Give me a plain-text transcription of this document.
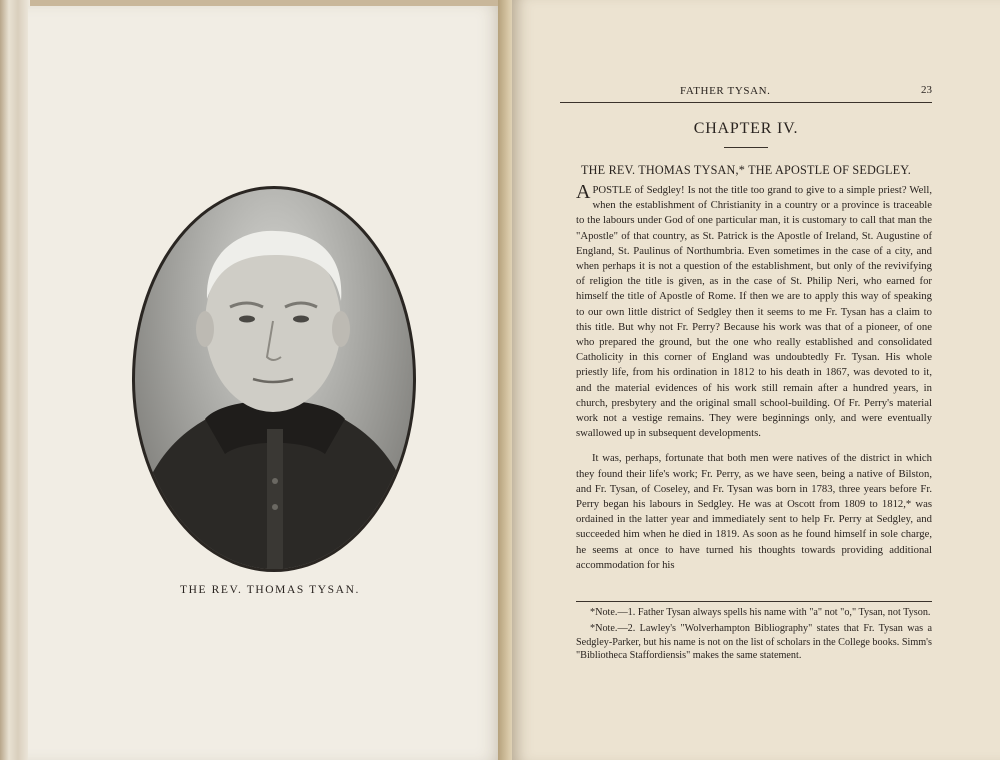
THE REV. THOMAS TYSAN.
FATHER TYSAN.	23
CHAPTER IV.
THE REV. THOMAS TYSAN,* THE APOSTLE OF SEDGLEY.

APOSTLE of Sedgley! Is not the title too grand to give to a simple priest? Well, when the establishment of Christianity in a country or a province is traceable to the labours under God of one particular man, it is customary to call that man the "Apostle" of that country, as St. Patrick is the Apostle of Ireland, St. Augustine of England, St. Paulinus of Northumbria. Even sometimes in the case of a city, and when perhaps it is not a question of the establishment, but only of the revivifying of religion the title is given, as in the case of St. Philip Neri, who earned for himself the title of Apostle of Rome. If then we are to apply this way of speaking to our own little district of Sedgley then it seems to me Fr. Tysan has a claim to this title. But why not Fr. Perry? Because his work was that of a pioneer, of one who prepared the ground, but the one who really established and consolidated Catholicity in this corner of England was undoubtedly Fr. Tysan. His whole priestly life, from his ordination in 1812 to his death in 1867, was devoted to it, and the material evidences of his work still remain after a hundred years, in church, presbytery and the original small school-building. Of Fr. Perry's material work not a vestige remains. They were beginnings only, and were eventually swallowed up in subsequent developments.

It was, perhaps, fortunate that both men were natives of the district in which they found their life's work; Fr. Perry, as we have seen, being a native of Bilston, and Fr. Tysan, of Coseley, and Fr. Tysan was born in 1783, three years before Fr. Perry began his labours in Sedgley. He was at Oscott from 1809 to 1812,* was ordained in the latter year and immediately sent to help Fr. Perry at Sedgley, and succeeded him when he died in 1819. As soon as he found himself in sole charge, he seems at once to have turned his thoughts towards providing additional accommodation for his

*Note.—1. Father Tysan always spells his name with "a" not "o," Tysan, not Tyson.

*Note.—2. Lawley's "Wolverhampton Bibliography" states that Fr. Tysan was a Sedgley-Parker, but his name is not on the list of scholars in the College books. Simm's "Bibliotheca Staffordiensis" makes the same statement.
